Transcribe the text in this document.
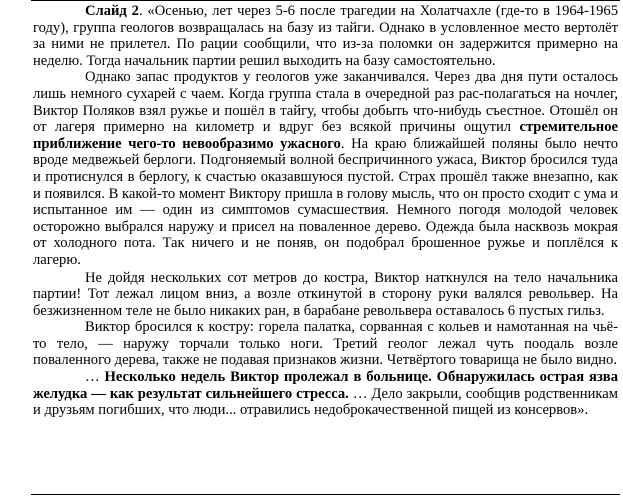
Слайд 2. «Осенью, лет через 5-6 после трагедии на Холатчахле (где-то в 1964-1965 году), группа геологов возвращалась на базу из тайги. Однако в условленное место вертолёт за ними не прилетел. По рации сообщили, что из-за поломки он задержится примерно на неделю. Тогда начальник партии решил выходить на базу самостоятельно.

Однако запас продуктов у геологов уже заканчивался. Через два дня пути осталось лишь немного сухарей с чаем. Когда группа стала в очередной раз рас-полагаться на ночлег, Виктор Поляков взял ружье и пошёл в тайгу, чтобы добыть что-нибудь съестное. Отошёл он от лагеря примерно на километр и вдруг без всякой причины ощутил стремительное приближение чего-то невообразимо ужасного. На краю ближайшей поляны было нечто вроде медвежьей берлоги. Подгоняемый волной беспричинного ужаса, Виктор бросился туда и протиснулся в берлогу, к счастью оказавшуюся пустой. Страх прошёл также внезапно, как и появился. В какой-то момент Виктору пришла в голову мысль, что он просто сходит с ума и испытанное им — один из симптомов сумасшествия. Немного погодя молодой человек осторожно выбрался наружу и присел на поваленное дерево. Одежда была насквозь мокрая от холодного пота. Так ничего и не поняв, он подобрал брошенное ружье и поплёлся к лагерю.

Не дойдя нескольких сот метров до костра, Виктор наткнулся на тело начальника партии! Тот лежал лицом вниз, а возле откинутой в сторону руки валялся револьвер. На безжизненном теле не было никаких ран, в барабане револьвера оставалось 6 пустых гильз.

Виктор бросился к костру: горела палатка, сорванная с кольев и намотанная на чьё-то тело, — наружу торчали только ноги. Третий геолог лежал чуть поодаль возле поваленного дерева, также не подавая признаков жизни. Четвёртого товарища не было видно.

… Несколько недель Виктор пролежал в больнице. Обнаружилась острая язва желудка — как результат сильнейшего стресса. … Дело закрыли, сообщив родственникам и друзьям погибших, что люди... отравились недоброкачественной пищей из консервов».
